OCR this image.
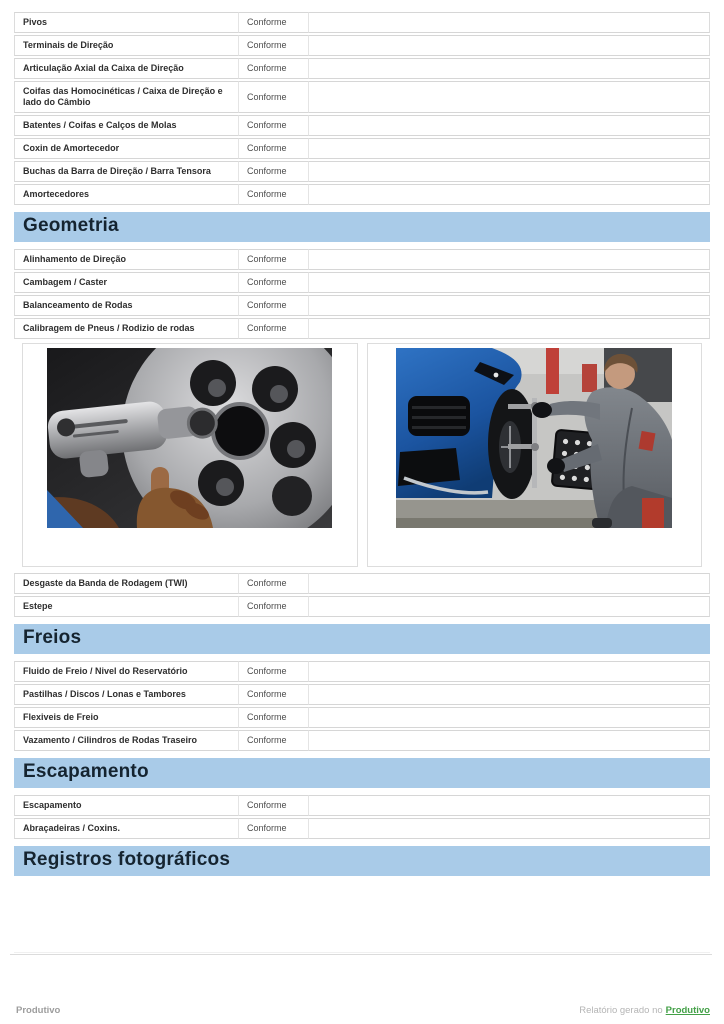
Pivos	Conforme	
Terminais de Direção	Conforme	
Articulação Axial da Caixa de Direção	Conforme	
Coifas das Homocinéticas / Caixa de Direção e lado do Câmbio	Conforme	
Batentes / Coifas e Calços de Molas	Conforme	
Coxin de Amortecedor	Conforme	
Buchas da Barra de Direção / Barra Tensora	Conforme	
Amortecedores	Conforme	
Geometria
Alinhamento de Direção	Conforme	
Cambagem / Caster	Conforme	
Balanceamento de Rodas	Conforme	
Calibragem de Pneus / Rodizio de rodas	Conforme	
Desgaste da Banda de Rodagem (TWI)	Conforme	
Estepe	Conforme	
Freios
Fluido de Freio / Nivel do Reservatório	Conforme	
Pastilhas / Discos / Lonas e Tambores	Conforme	
Flexiveis de Freio	Conforme	
Vazamento / Cilindros de Rodas Traseiro	Conforme	
Escapamento
Escapamento	Conforme	
Abraçadeiras / Coxins.	Conforme	
Registros fotográficos
Produtivo	Relatório gerado no Produtivo
